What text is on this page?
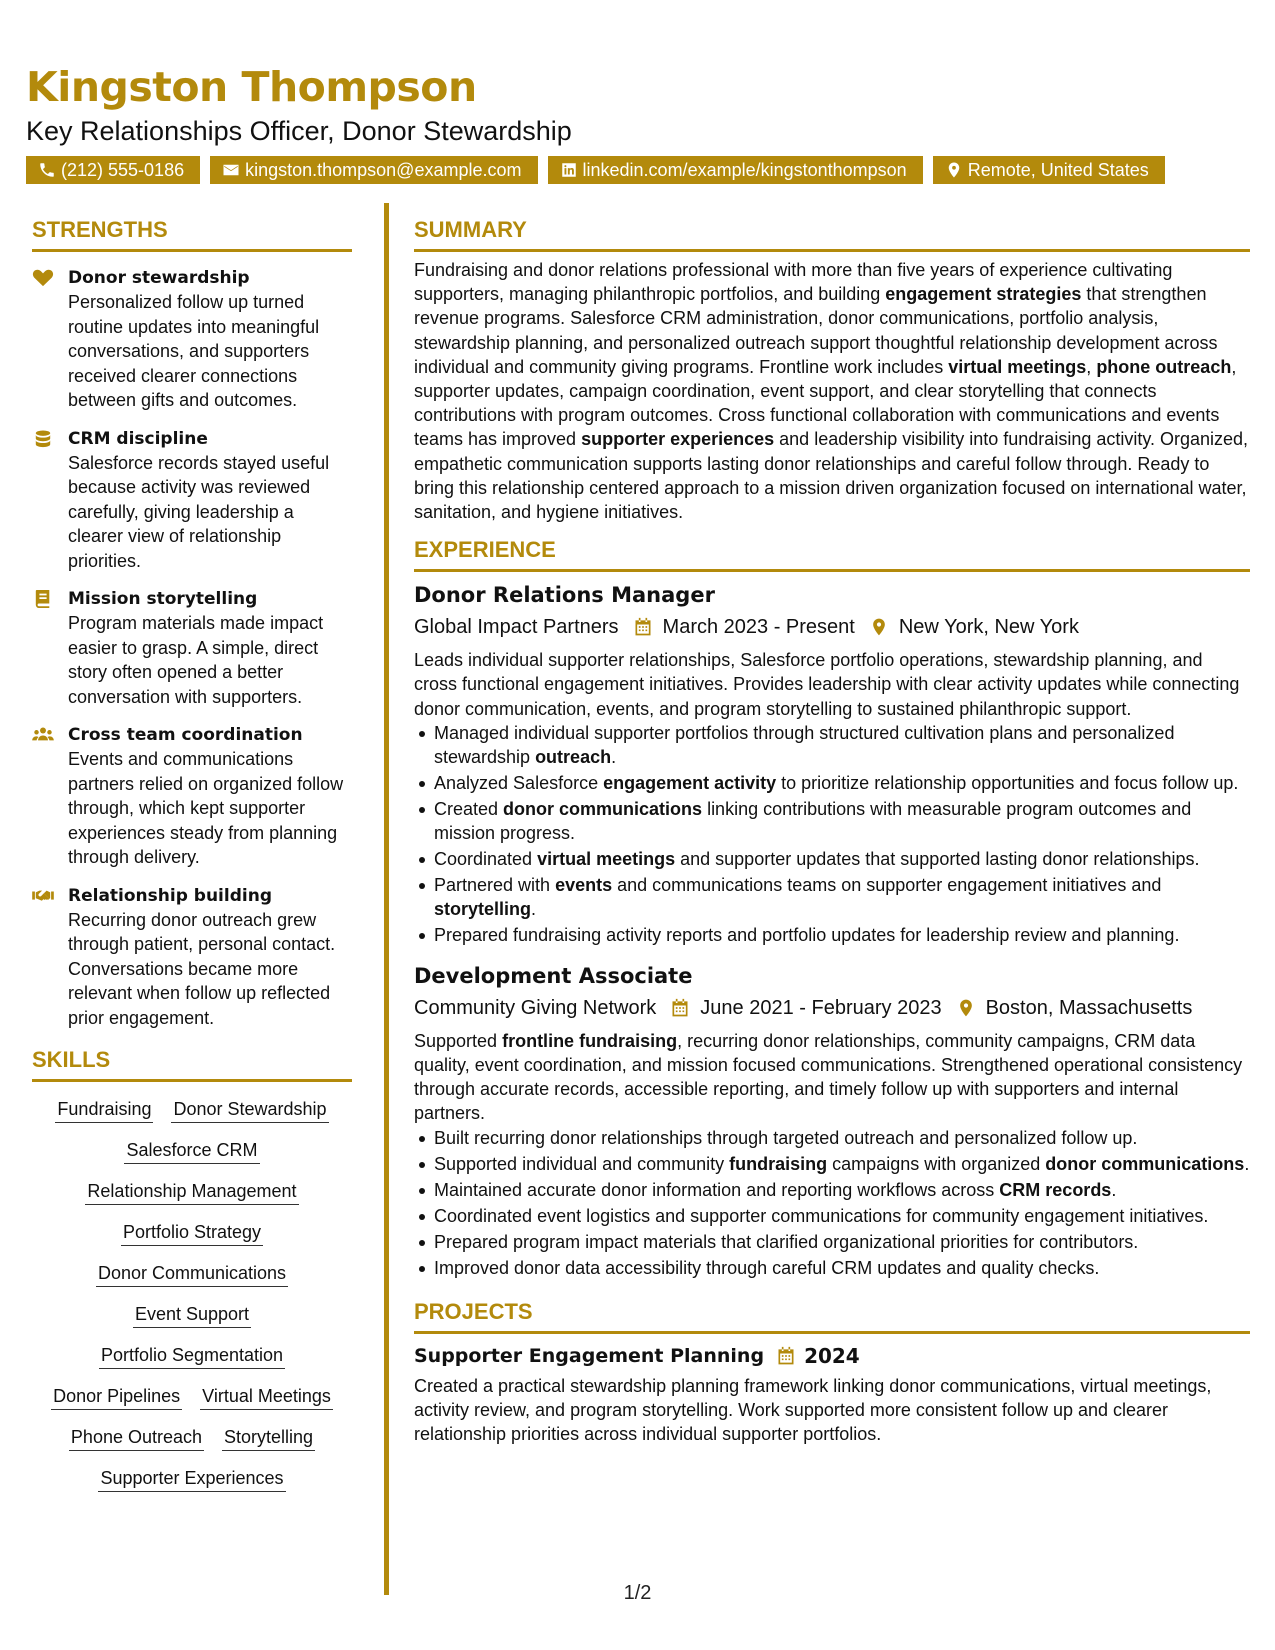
Kingston Thompson
Key Relationships Officer, Donor Stewardship
(212) 555-0186	kingston.thompson@example.com	linkedin.com/example/kingstonthompson	Remote, United States
STRENGTHS
Donor stewardship
Personalized follow up turned routine updates into meaningful conversations, and supporters received clearer connections between gifts and outcomes.
CRM discipline
Salesforce records stayed useful because activity was reviewed carefully, giving leadership a clearer view of relationship priorities.
Mission storytelling
Program materials made impact easier to grasp. A simple, direct story often opened a better conversation with supporters.
Cross team coordination
Events and communications partners relied on organized follow through, which kept supporter experiences steady from planning through delivery.
Relationship building
Recurring donor outreach grew through patient, personal contact. Conversations became more relevant when follow up reflected prior engagement.
SKILLS
Fundraising Donor Stewardship
Salesforce CRM
Relationship Management
Portfolio Strategy
Donor Communications
Event Support
Portfolio Segmentation
Donor Pipelines Virtual Meetings
Phone Outreach Storytelling
Supporter Experiences
SUMMARY
Fundraising and donor relations professional with more than five years of experience cultivating supporters, managing philanthropic portfolios, and building engagement strategies that strengthen revenue programs. Salesforce CRM administration, donor communications, portfolio analysis, stewardship planning, and personalized outreach support thoughtful relationship development across individual and community giving programs. Frontline work includes virtual meetings, phone outreach, supporter updates, campaign coordination, event support, and clear storytelling that connects contributions with program outcomes. Cross functional collaboration with communications and events teams has improved supporter experiences and leadership visibility into fundraising activity. Organized, empathetic communication supports lasting donor relationships and careful follow through. Ready to bring this relationship centered approach to a mission driven organization focused on international water, sanitation, and hygiene initiatives.
EXPERIENCE
Donor Relations Manager
Global Impact Partners March 2023 - Present New York, New York
Leads individual supporter relationships, Salesforce portfolio operations, stewardship planning, and cross functional engagement initiatives. Provides leadership with clear activity updates while connecting donor communication, events, and program storytelling to sustained philanthropic support.
Managed individual supporter portfolios through structured cultivation plans and personalized stewardship outreach.
Analyzed Salesforce engagement activity to prioritize relationship opportunities and focus follow up.
Created donor communications linking contributions with measurable program outcomes and mission progress.
Coordinated virtual meetings and supporter updates that supported lasting donor relationships.
Partnered with events and communications teams on supporter engagement initiatives and storytelling.
Prepared fundraising activity reports and portfolio updates for leadership review and planning.
Development Associate
Community Giving Network June 2021 - February 2023 Boston, Massachusetts
Supported frontline fundraising, recurring donor relationships, community campaigns, CRM data quality, event coordination, and mission focused communications. Strengthened operational consistency through accurate records, accessible reporting, and timely follow up with supporters and internal partners.
Built recurring donor relationships through targeted outreach and personalized follow up.
Supported individual and community fundraising campaigns with organized donor communications.
Maintained accurate donor information and reporting workflows across CRM records.
Coordinated event logistics and supporter communications for community engagement initiatives.
Prepared program impact materials that clarified organizational priorities for contributors.
Improved donor data accessibility through careful CRM updates and quality checks.
PROJECTS
Supporter Engagement Planning 2024
Created a practical stewardship planning framework linking donor communications, virtual meetings, activity review, and program storytelling. Work supported more consistent follow up and clearer relationship priorities across individual supporter portfolios.
1/2
